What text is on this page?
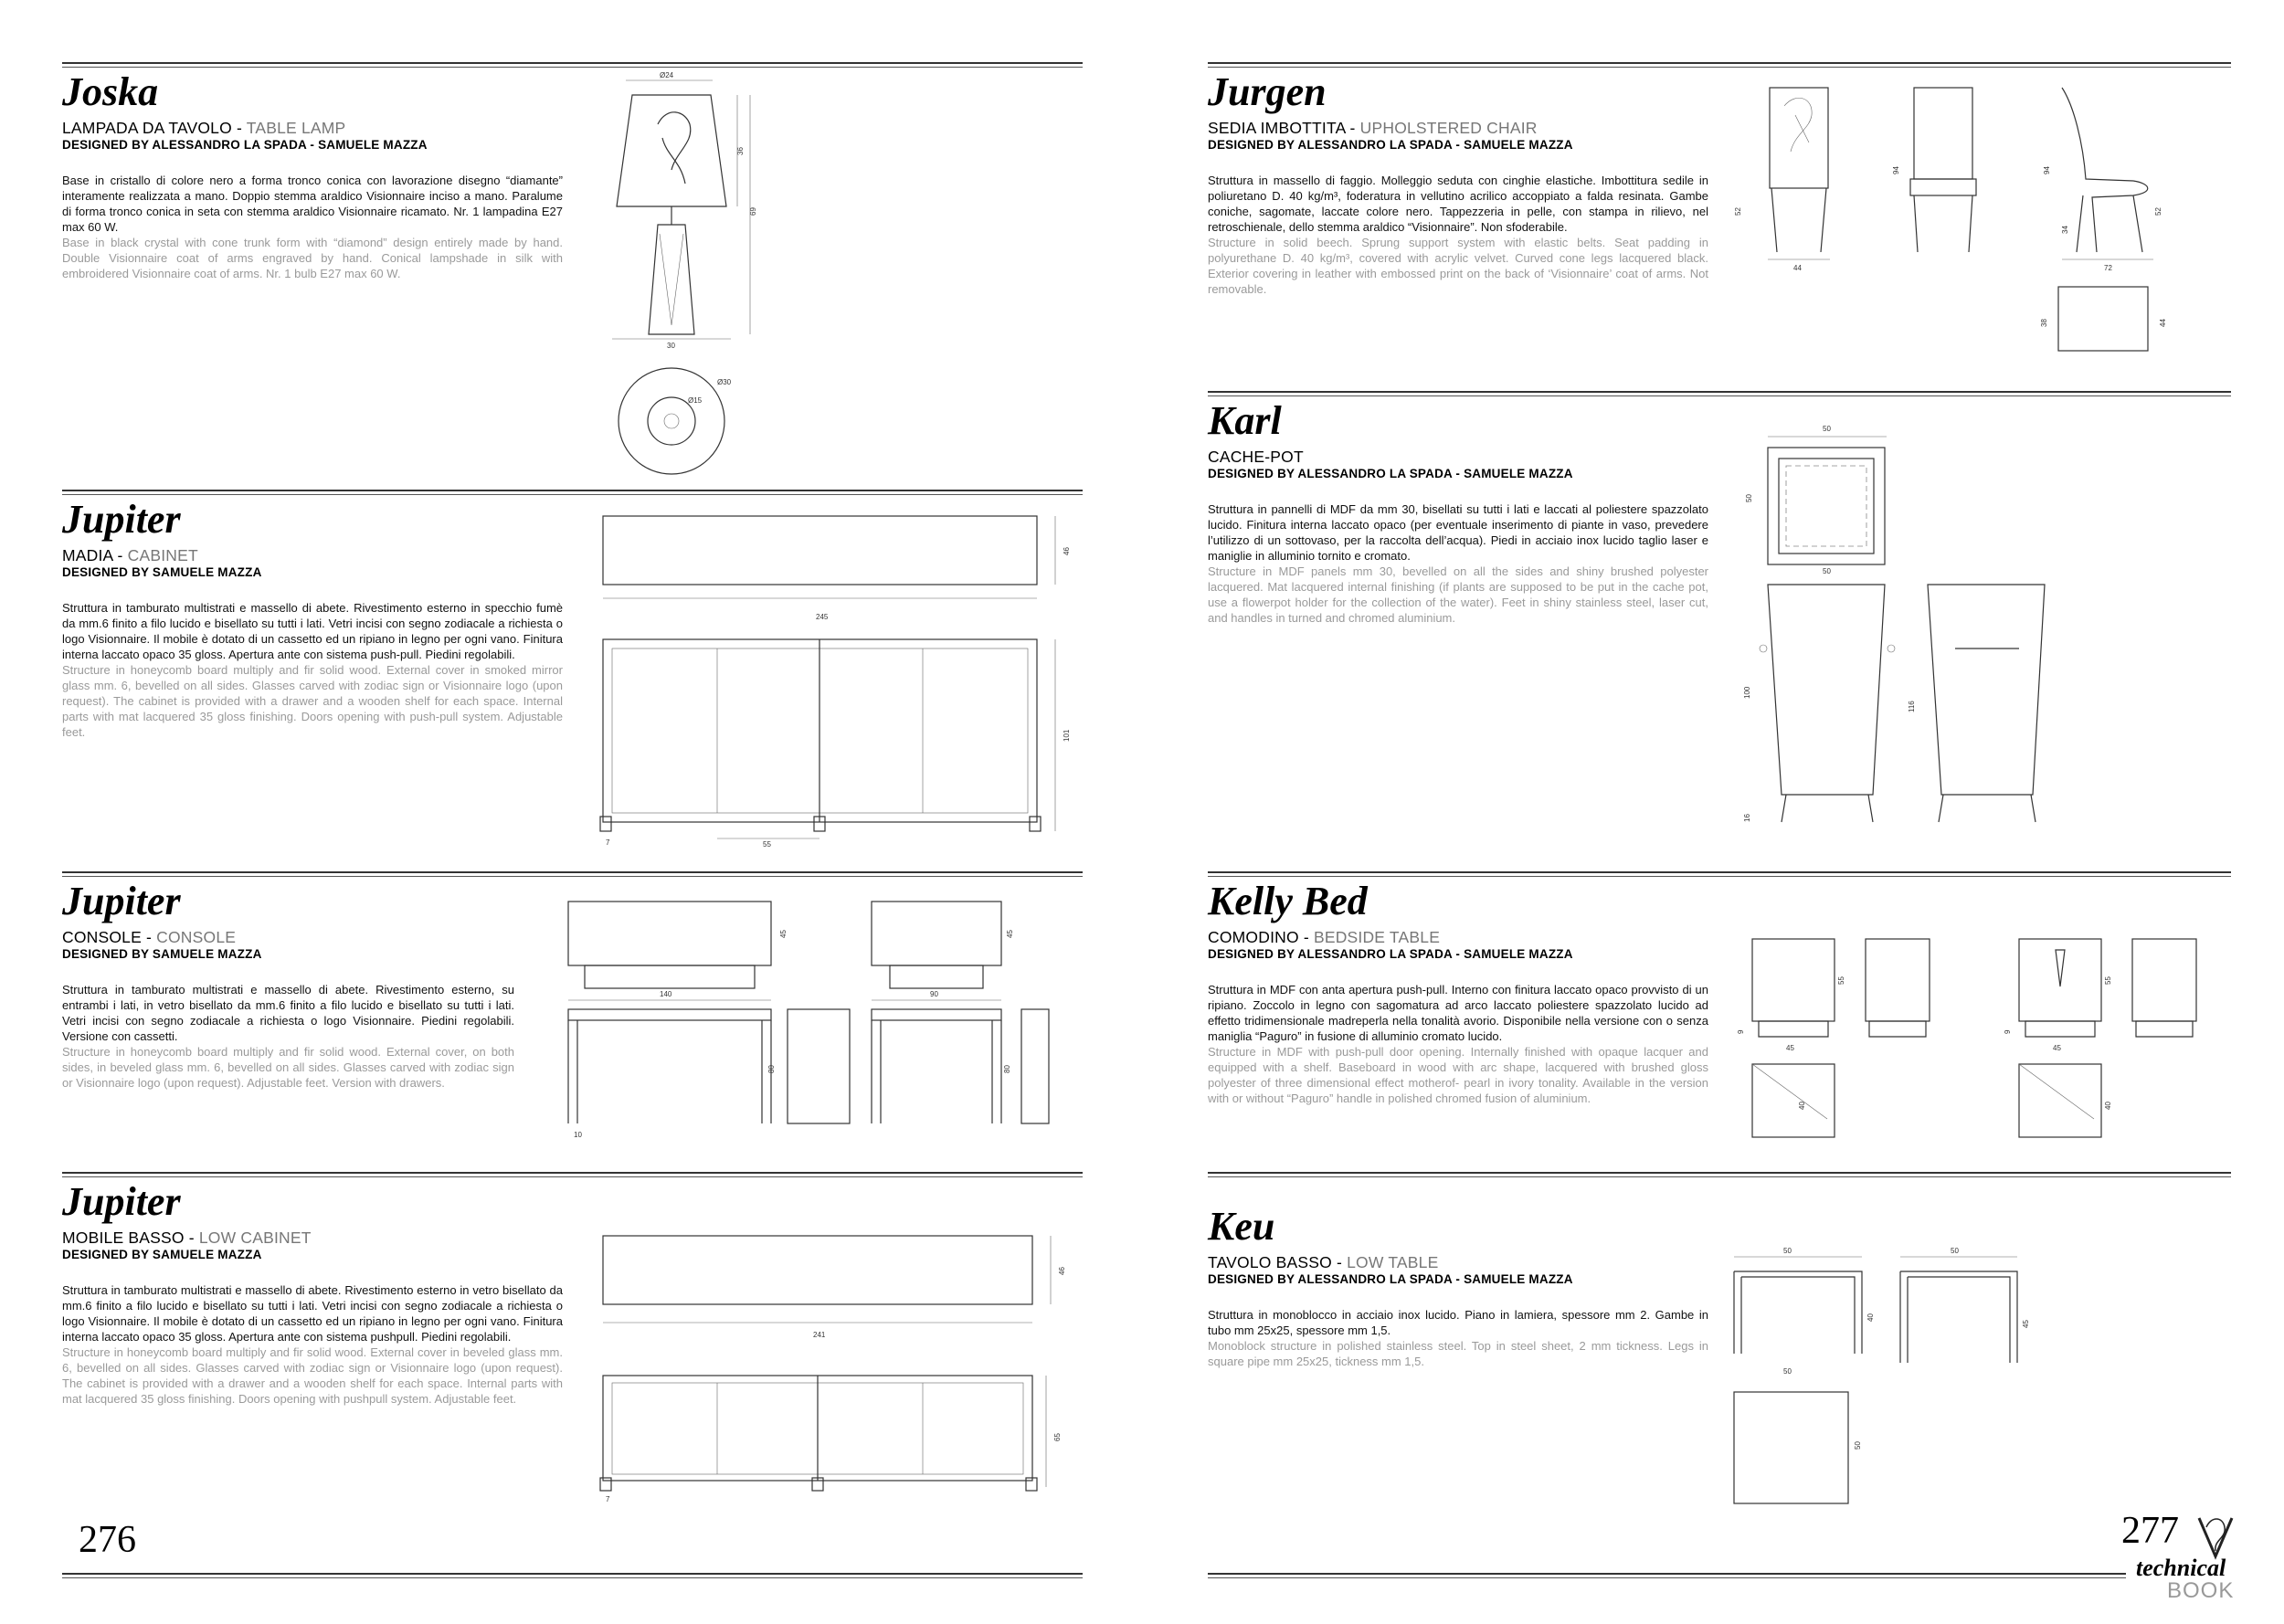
Joska
LAMPADA DA TAVOLO - TABLE LAMP
DESIGNED BY ALESSANDRO LA SPADA - SAMUELE MAZZA
Base in cristallo di colore nero a forma tronco conica con lavorazione disegno “diamante” interamente realizzata a mano. Doppio stemma araldico Visionnaire inciso a mano. Paralume di forma tronco conica in seta con stemma araldico Visionnaire ricamato. Nr. 1 lampadina E27 max 60 W.
Base in black crystal with cone trunk form with “diamond” design entirely made by hand. Double Visionnaire coat of arms engraved by hand. Conical lampshade in silk with embroidered Visionnaire coat of arms. Nr. 1 bulb E27 max 60 W.
Ø24
36
69
30
Ø30
Ø15
Jupiter
MADIA - CABINET
DESIGNED BY SAMUELE MAZZA
Struttura in tamburato multistrati e massello di abete. Rivestimento esterno in specchio fumè da mm.6 finito a filo lucido e bisellato su tutti i lati. Vetri incisi con segno zodiacale a richiesta o logo Visionnaire. Il mobile è dotato di un cassetto ed un ripiano in legno per ogni vano. Finitura interna laccato opaco 35 gloss. Apertura ante con sistema push-pull. Piedini regolabili.
Structure in honeycomb board multiply and fir solid wood. External cover in smoked mirror glass mm. 6, bevelled on all sides. Glasses carved with zodiac sign or Visionnaire logo (upon request). The cabinet is provided with a drawer and a wooden shelf for each space. Internal parts with mat lacquered 35 gloss finishing. Doors opening with push-pull system. Adjustable feet.
46
245
101
7	55
Jupiter
CONSOLE - CONSOLE
DESIGNED BY SAMUELE MAZZA
Struttura in tamburato multistrati e massello di abete. Rivestimento esterno, su entrambi i lati, in vetro bisellato da mm.6 finito a filo lucido e bisellato su tutti i lati. Vetri incisi con segno zodiacale a richiesta o logo Visionnaire. Piedini regolabili. Versione con cassetti.
Structure in honeycomb board multiply and fir solid wood. External cover, on both sides, in beveled glass mm. 6, bevelled on all sides. Glasses carved with zodiac sign or Visionnaire logo (upon request). Adjustable feet. Version with drawers.
45
140
80
10
45
90
80
Jupiter
MOBILE BASSO - LOW CABINET
DESIGNED BY SAMUELE MAZZA
Struttura in tamburato multistrati e massello di abete. Rivestimento esterno in vetro bisellato da mm.6 finito a filo lucido e bisellato su tutti i lati. Vetri incisi con segno zodiacale a richiesta o logo Visionnaire. Il mobile è dotato di un cassetto ed un ripiano in legno per ogni vano. Finitura interna laccato opaco 35 gloss. Apertura ante con sistema pushpull. Piedini regolabili.
Structure in honeycomb board multiply and fir solid wood. External cover in beveled glass mm. 6, bevelled on all sides. Glasses carved with zodiac sign or Visionnaire logo (upon request). The cabinet is provided with a drawer and a wooden shelf for each space. Internal parts with mat lacquered 35 gloss finishing. Doors opening with pushpull system. Adjustable feet.
46
241
65
7
276
Jurgen
SEDIA IMBOTTITA - UPHOLSTERED CHAIR
DESIGNED BY ALESSANDRO LA SPADA - SAMUELE MAZZA
Struttura in massello di faggio. Molleggio seduta con cinghie elastiche. Imbottitura sedile in poliuretano D. 40 kg/m³, foderatura in vellutino acrilico accoppiato a falda resinata. Gambe coniche, sagomate, laccate colore nero. Tappezzeria in pelle, con stampa in rilievo, nel retroschienale, dello stemma araldico “Visionnaire”. Non sfoderabile.
Structure in solid beech. Sprung support system with elastic belts. Seat padding in polyurethane D. 40 kg/m³, covered with acrylic velvet. Curved cone legs lacquered black. Exterior covering in leather with embossed print on the back of ‘Visionnaire’ coat of arms. Not removable.
52
44
94	94
34
52
72
38	44
Karl
CACHE-POT
DESIGNED BY ALESSANDRO LA SPADA - SAMUELE MAZZA
Struttura in pannelli di MDF da mm 30, bisellati su tutti i lati e laccati al poliestere spazzolato lucido. Finitura interna laccato opaco (per eventuale inserimento di piante in vaso, prevedere l’utilizzo di un sottovaso, per la raccolta dell’acqua). Piedi in acciaio inox lucido taglio laser e maniglie in alluminio tornito e cromato.
Structure in MDF panels mm 30, bevelled on all the sides and shiny brushed polyester lacquered. Mat lacquered internal finishing (if plants are supposed to be put in the cache pot, use a flowerpot holder for the collection of the water). Feet in shiny stainless steel, laser cut, and handles in turned and chromed aluminium.
50
50
50
100
116
16
Kelly Bed
COMODINO - BEDSIDE TABLE
DESIGNED BY ALESSANDRO LA SPADA - SAMUELE MAZZA
Struttura in MDF con anta apertura push-pull. Interno con finitura laccato opaco provvisto di un ripiano. Zoccolo in legno con sagomatura ad arco laccato poliestere spazzolato lucido ad effetto tridimensionale madreperla nella tonalità avorio. Disponibile nella versione con o senza maniglia “Paguro” in fusione di alluminio cromato lucido.
Structure in MDF with push-pull door opening. Internally finished with opaque lacquer and equipped with a shelf. Baseboard in wood with arc shape, lacquered with brushed gloss polyester of three dimensional effect motherof- pearl in ivory tonality. Available in the version with or without “Paguro” handle in polished chromed fusion of aluminium.
55
9
45
40
55
9
45
40
Keu
TAVOLO BASSO - LOW TABLE
DESIGNED BY ALESSANDRO LA SPADA - SAMUELE MAZZA
Struttura in monoblocco in acciaio inox lucido. Piano in lamiera, spessore mm 2. Gambe in tubo mm 25x25, spessore mm 1,5.
Monoblock structure in polished stainless steel. Top in steel sheet, 2 mm tickness. Legs in square pipe mm 25x25, tickness mm 1,5.
50
40
50
45
50
50
277
technical
BOOK
